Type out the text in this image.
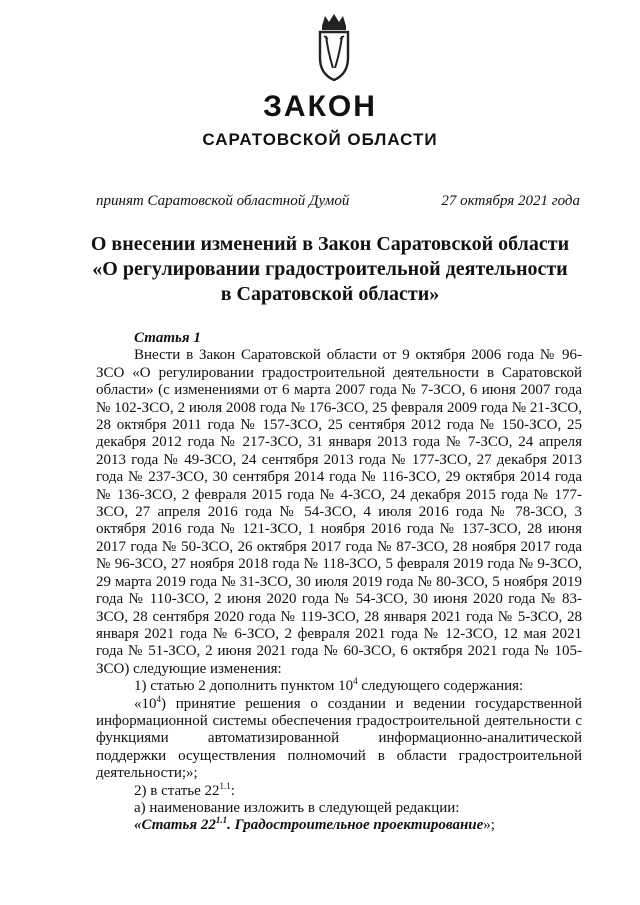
ЗАКОН
САРАТОВСКОЙ ОБЛАСТИ
принят Саратовской областной Думой	27 октября 2021 года
О внесении изменений в Закон Саратовской области
«О регулировании градостроительной деятельности
в Саратовской области»
Статья 1

Внести в Закон Саратовской области от 9 октября 2006 года № 96-ЗСО «О регулировании градостроительной деятельности в Саратовской области» (с изменениями от 6 марта 2007 года № 7-ЗСО, 6 июня 2007 года № 102-ЗСО, 2 июля 2008 года № 176-ЗСО, 25 февраля 2009 года № 21-ЗСО, 28 октября 2011 года № 157-ЗСО, 25 сентября 2012 года № 150-ЗСО, 25 декабря 2012 года № 217-ЗСО, 31 января 2013 года № 7-ЗСО, 24 апреля 2013 года № 49-ЗСО, 24 сентября 2013 года № 177-ЗСО, 27 декабря 2013 года № 237-ЗСО, 30 сентября 2014 года № 116-ЗСО, 29 октября 2014 года № 136-ЗСО, 2 февраля 2015 года № 4-ЗСО, 24 декабря 2015 года № 177-ЗСО, 27 апреля 2016 года № 54-ЗСО, 4 июля 2016 года № 78-ЗСО, 3 октября 2016 года № 121-ЗСО, 1 ноября 2016 года № 137-ЗСО, 28 июня 2017 года № 50-ЗСО, 26 октября 2017 года № 87-ЗСО, 28 ноября 2017 года № 96-ЗСО, 27 ноября 2018 года № 118-ЗСО, 5 февраля 2019 года № 9-ЗСО, 29 марта 2019 года № 31-ЗСО, 30 июля 2019 года № 80-ЗСО, 5 ноября 2019 года № 110-ЗСО, 2 июня 2020 года № 54-ЗСО, 30 июня 2020 года № 83-ЗСО, 28 сентября 2020 года № 119-ЗСО, 28 января 2021 года № 5-ЗСО, 28 января 2021 года № 6-ЗСО, 2 февраля 2021 года № 12-ЗСО, 12 мая 2021 года № 51-ЗСО, 2 июня 2021 года № 60-ЗСО, 6 октября 2021 года № 105-ЗСО) следующие изменения:

1) статью 2 дополнить пунктом $10^4$ следующего содержания:

«$10^4$) принятие решения о создании и ведении государственной информационной системы обеспечения градостроительной деятельности с функциями автоматизированной информационно-аналитической поддержки осуществления полномочий в области градостроительной деятельности;»;

2) в статье $22^{1.1}$:

а) наименование изложить в следующей редакции:

«Статья $22^{1.1}$. Градостроительное проектирование»;
